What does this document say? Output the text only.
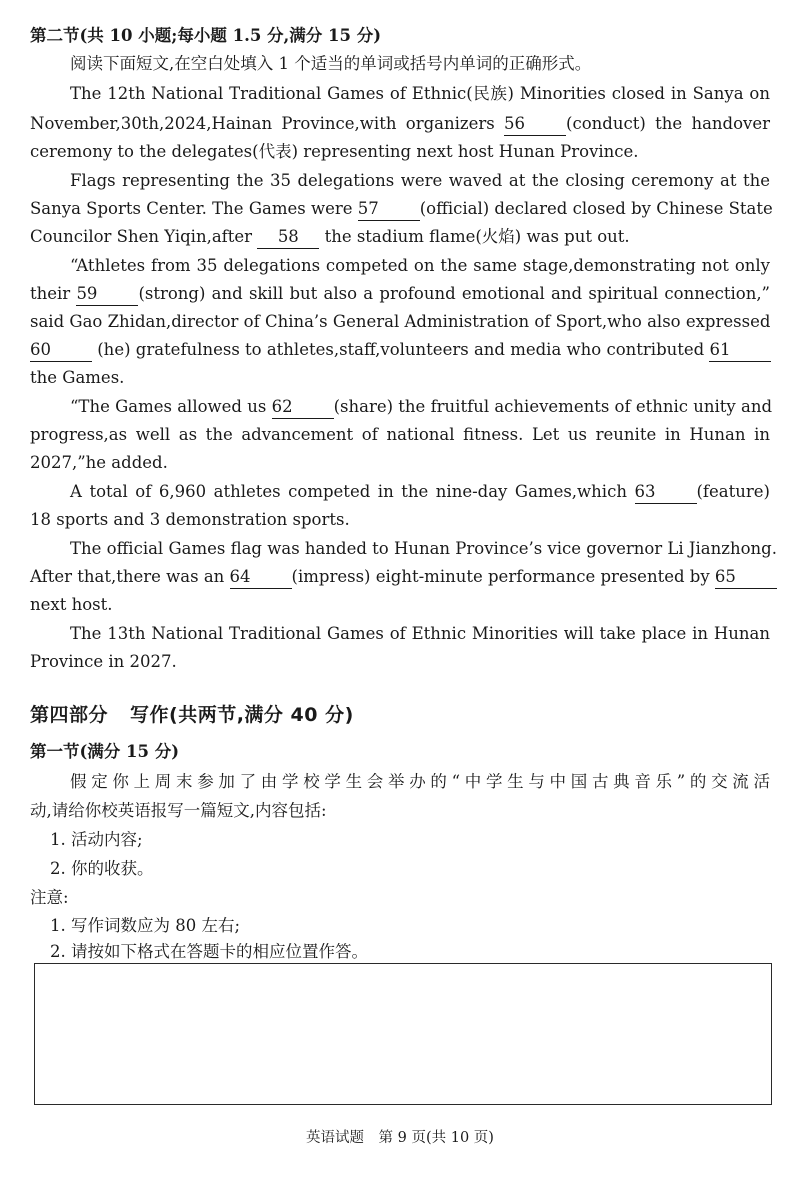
第二节(共 10 小题;每小题 1.5 分,满分 15 分)
阅读下面短文,在空白处填入 1 个适当的单词或括号内单词的正确形式。
The 12th National Traditional Games of Ethnic(民族) Minorities closed in Sanya on
November,30th,2024,Hainan Province,with organizers 56 (conduct) the handover
ceremony to the delegates(代表) representing next host Hunan Province.
Flags representing the 35 delegations were waved at the closing ceremony at the
Sanya Sports Center. The Games were 57 (official) declared closed by Chinese State
Councilor Shen Yiqin,after 58 the stadium flame(火焰) was put out.
“Athletes from 35 delegations competed on the same stage,demonstrating not only
their 59 (strong) and skill but also a profound emotional and spiritual connection,”
said Gao Zhidan,director of China’s General Administration of Sport,who also expressed
60	(he) gratefulness to athletes,staff,volunteers and media who contributed 61
the Games.
“The Games allowed us 62 (share) the fruitful achievements of ethnic unity and
progress,as well as the advancement of national fitness. Let us reunite in Hunan in
2027,”he added.
A total of 6,960 athletes competed in the nine-day Games,which 63 (feature)
18 sports and 3 demonstration sports.
The official Games flag was handed to Hunan Province’s vice governor Li Jianzhong.
After that,there was an 64 (impress) eight-minute performance presented by 65
next host.
The 13th National Traditional Games of Ethnic Minorities will take place in Hunan
Province in 2027.
第四部分 写作(共两节,满分 40 分)
第一节(满分 15 分)
假定你上周末参加了由学校学生会举办的“中学生与中国古典音乐”的交流活
动,请给你校英语报写一篇短文,内容包括:
1. 活动内容;
2. 你的收获。
注意:
1. 写作词数应为 80 左右;
2. 请按如下格式在答题卡的相应位置作答。
英语试题　第 9 页(共 10 页)
